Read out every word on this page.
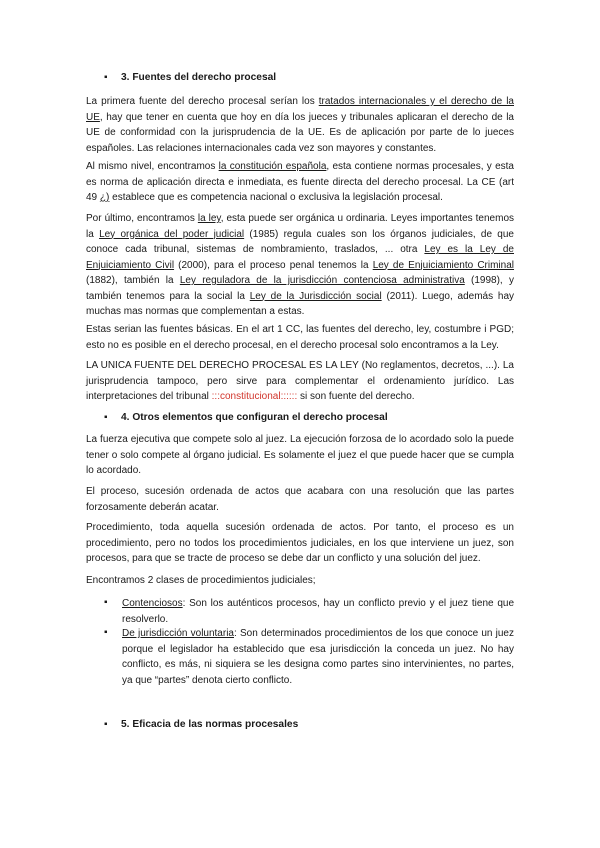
▪ 3. Fuentes del derecho procesal
La primera fuente del derecho procesal serían los tratados internacionales y el derecho de la UE, hay que tener en cuenta que hoy en día los jueces y tribunales aplicaran el derecho de la UE de conformidad con la jurisprudencia de la UE. Es de aplicación por parte de lo jueces españoles. Las relaciones internacionales cada vez son mayores y constantes.
Al mismo nivel, encontramos la constitución española, esta contiene normas procesales, y esta es norma de aplicación directa e inmediata, es fuente directa del derecho procesal. La CE (art 49 ¿) establece que es competencia nacional o exclusiva la legislación procesal.
Por último, encontramos la ley, esta puede ser orgánica u ordinaria. Leyes importantes tenemos la Ley orgánica del poder judicial (1985) regula cuales son los órganos judiciales, de que conoce cada tribunal, sistemas de nombramiento, traslados, ... otra Ley es la Ley de Enjuiciamiento Civil (2000), para el proceso penal tenemos la Ley de Enjuiciamiento Criminal (1882), también la Ley reguladora de la jurisdicción contenciosa administrativa (1998), y también tenemos para la social la Ley de la Jurisdicción social (2011). Luego, además hay muchas mas normas que complementan a estas.
Estas serian las fuentes básicas. En el art 1 CC, las fuentes del derecho, ley, costumbre i PGD; esto no es posible en el derecho procesal, en el derecho procesal solo encontramos a la Ley.
LA UNICA FUENTE DEL DERECHO PROCESAL ES LA LEY (No reglamentos, decretos, ...). La jurisprudencia tampoco, pero sirve para complementar el ordenamiento jurídico. Las interpretaciones del tribunal :::constitucional:::::: si son fuente del derecho.
▪ 4. Otros elementos que configuran el derecho procesal
La fuerza ejecutiva que compete solo al juez. La ejecución forzosa de lo acordado solo la puede tener o solo compete al órgano judicial. Es solamente el juez el que puede hacer que se cumpla lo acordado.
El proceso, sucesión ordenada de actos que acabara con una resolución que las partes forzosamente deberán acatar.
Procedimiento, toda aquella sucesión ordenada de actos. Por tanto, el proceso es un procedimiento, pero no todos los procedimientos judiciales, en los que interviene un juez, son procesos, para que se tracte de proceso se debe dar un conflicto y una solución del juez.
Encontramos 2 clases de procedimientos judiciales;
▪ Contenciosos: Son los auténticos procesos, hay un conflicto previo y el juez tiene que resolverlo.
▪ De jurisdicción voluntaria: Son determinados procedimientos de los que conoce un juez porque el legislador ha establecido que esa jurisdicción la conceda un juez. No hay conflicto, es más, ni siquiera se les designa como partes sino intervinientes, no partes, ya que “partes” denota cierto conflicto.
▪ 5. Eficacia de las normas procesales
